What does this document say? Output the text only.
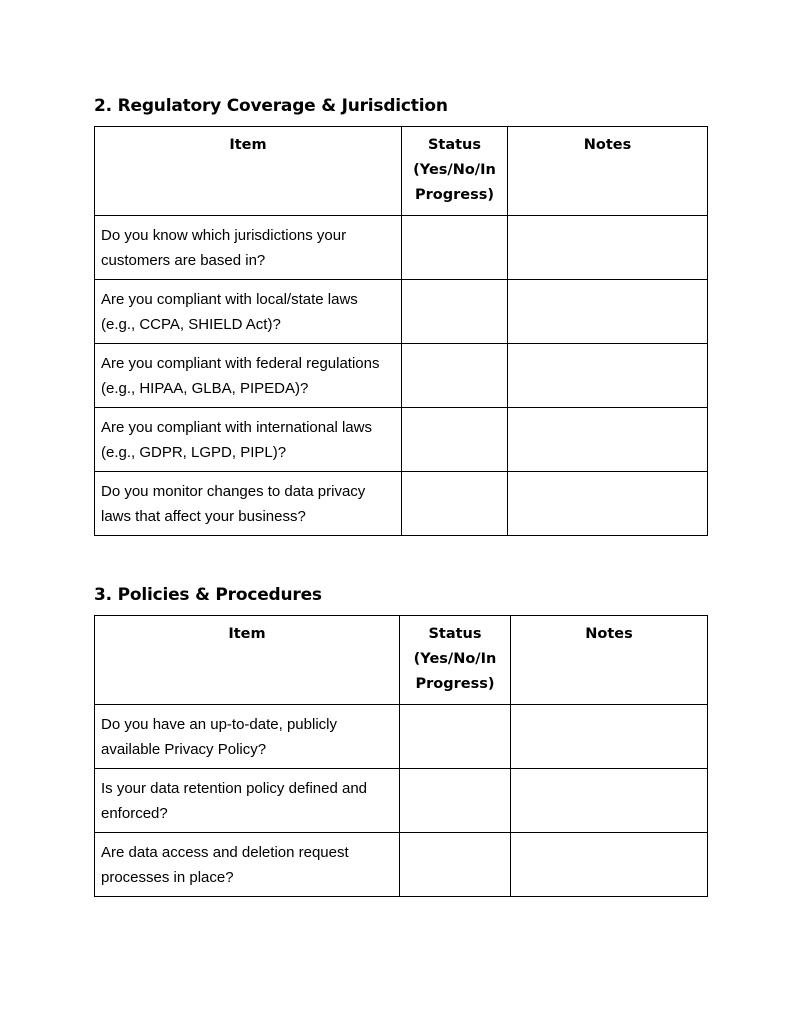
2. Regulatory Coverage & Jurisdiction
Item	Status (Yes/No/In Progress)	Notes
Do you know which jurisdictions your customers are based in?		
Are you compliant with local/state laws (e.g., CCPA, SHIELD Act)?		
Are you compliant with federal regulations (e.g., HIPAA, GLBA, PIPEDA)?		
Are you compliant with international laws (e.g., GDPR, LGPD, PIPL)?		
Do you monitor changes to data privacy laws that affect your business?		
3. Policies & Procedures
Item	Status (Yes/No/In Progress)	Notes
Do you have an up-to-date, publicly available Privacy Policy?		
Is your data retention policy defined and enforced?		
Are data access and deletion request processes in place?		
